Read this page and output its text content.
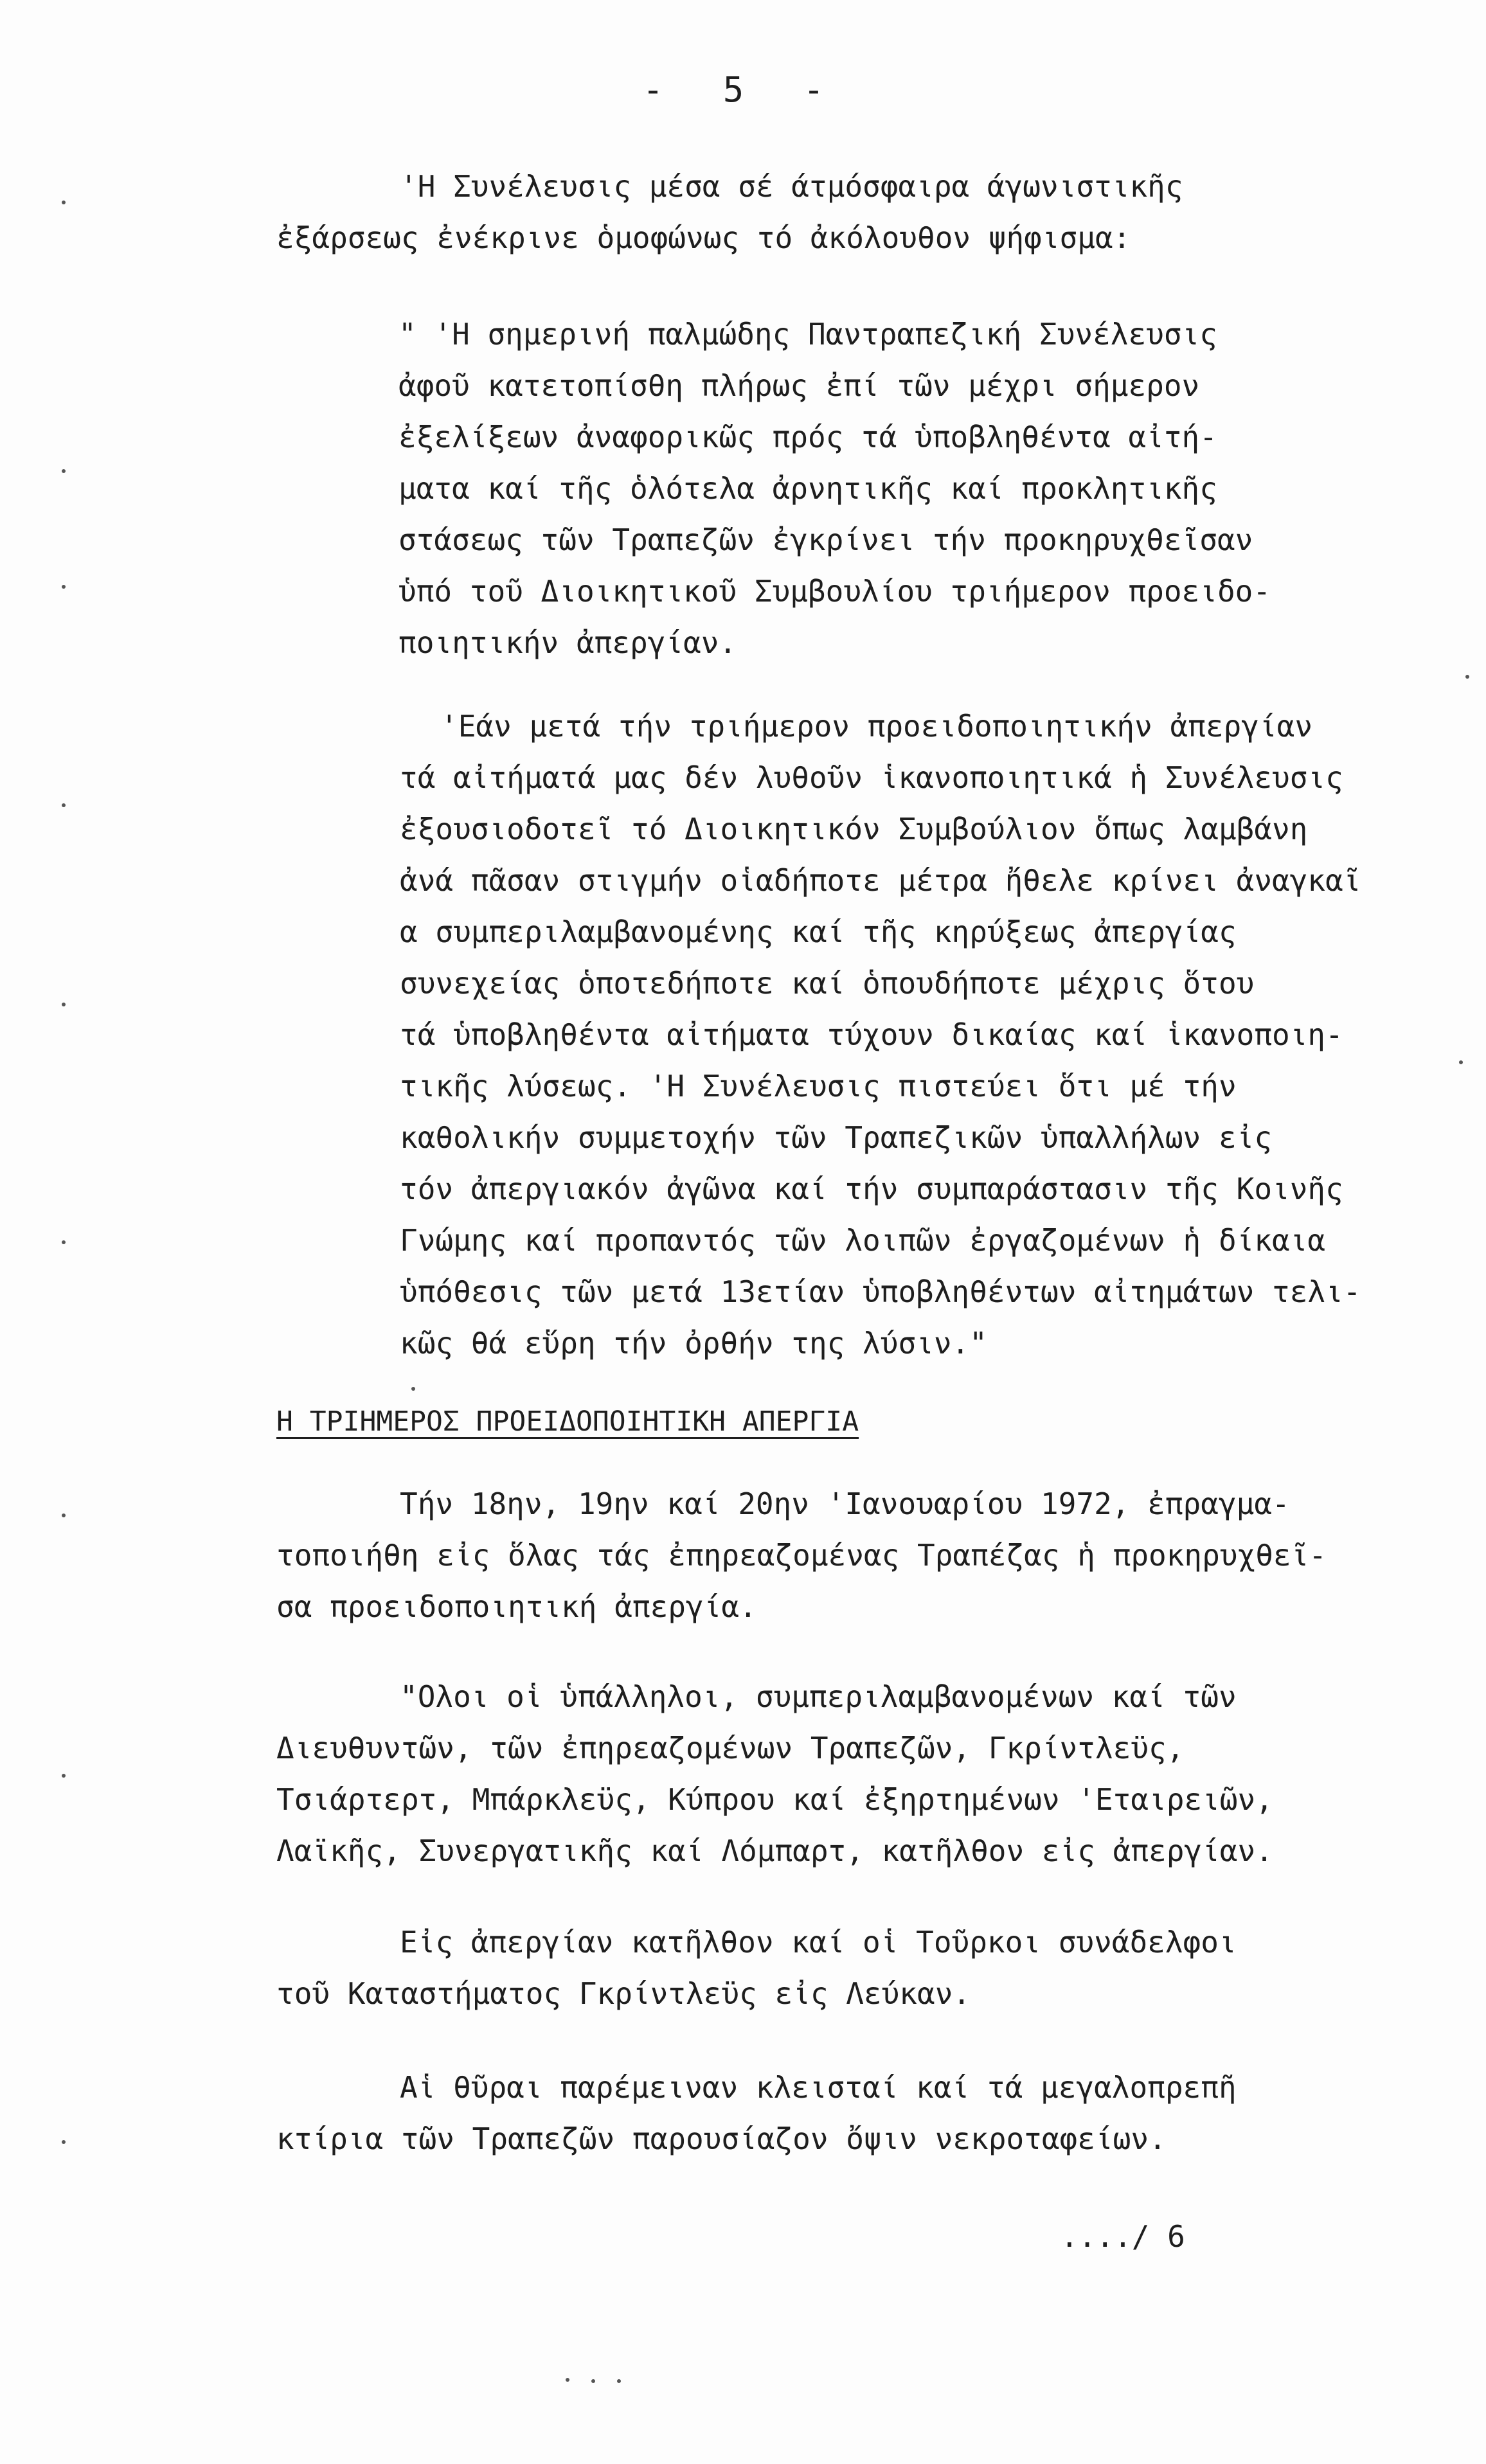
- 5 -
'Η Συνέλευσις μέσα σέ άτμόσφαιρα άγωνιστικῆς
ἐξάρσεως ἐνέκρινε ὁμοφώνως τό ἀκόλουθον ψήφισμα:
" 'Η σημερινή παλμώδης Παντραπεζική Συνέλευσις
ἀφοῦ κατετοπίσθη πλήρως ἐπί τῶν μέχρι σήμερον
ἐξελίξεων ἀναφορικῶς πρός τά ὑποβληθέντα αἰτή-
ματα καί τῆς ὁλότελα ἀρνητικῆς καί προκλητικῆς
στάσεως τῶν Τραπεζῶν ἐγκρίνει τήν προκηρυχθεῖσαν
ὑπό τοῦ Διοικητικοῦ Συμβουλίου τριήμερον προειδο-
ποιητικήν ἀπεργίαν.
'Εάν μετά τήν τριήμερον προειδοποιητικήν ἀπεργίαν
τά αἰτήματά μας δέν λυθοῦν ἱκανοποιητικά ἡ Συνέλευσις
ἐξουσιοδοτεῖ τό Διοικητικόν Συμβούλιον ὅπως λαμβάνη
ἀνά πᾶσαν στιγμήν οἱαδήποτε μέτρα ἤθελε κρίνει ἀναγκαῖ
α συμπεριλαμβανομένης καί τῆς κηρύξεως ἀπεργίας
συνεχείας ὁποτεδήποτε καί ὁπουδήποτε μέχρις ὅτου
τά ὑποβληθέντα αἰτήματα τύχουν δικαίας καί ἱκανοποιη-
τικῆς λύσεως. 'Η Συνέλευσις πιστεύει ὅτι μέ τήν
καθολικήν συμμετοχήν τῶν Τραπεζικῶν ὑπαλλήλων εἰς
τόν ἀπεργιακόν ἀγῶνα καί τήν συμπαράστασιν τῆς Κοινῆς
Γνώμης καί προπαντός τῶν λοιπῶν ἐργαζομένων ἡ δίκαια
ὑπόθεσις τῶν μετά 13ετίαν ὑποβληθέντων αἰτημάτων τελι-
κῶς θά εὕρη τήν ὀρθήν της λύσιν."
Η ΤΡΙΗΜΕΡΟΣ ΠΡΟΕΙΔΟΠΟΙΗΤΙΚΗ ΑΠΕΡΓΙΑ
Τήν 18ην, 19ην καί 20ην 'Ιανουαρίου 1972, ἐπραγμα-
τοποιήθη εἰς ὅλας τάς ἐπηρεαζομένας Τραπέζας ἡ προκηρυχθεῖ-
σα προειδοποιητική ἀπεργία.
"Ολοι οἱ ὑπάλληλοι, συμπεριλαμβανομένων καί τῶν
Διευθυντῶν, τῶν ἐπηρεαζομένων Τραπεζῶν, Γκρίντλεϋς,
Τσιάρτερτ, Μπάρκλεϋς, Κύπρου καί ἐξηρτημένων 'Εταιρειῶν,
Λαϊκῆς, Συνεργατικῆς καί Λόμπαρτ, κατῆλθον εἰς ἀπεργίαν.
Εἰς ἀπεργίαν κατῆλθον καί οἱ Τοῦρκοι συνάδελφοι
τοῦ Καταστήματος Γκρίντλεϋς εἰς Λεύκαν.
Αἱ θῦραι παρέμειναν κλεισταί καί τά μεγαλοπρεπῆ
κτίρια τῶν Τραπεζῶν παρουσίαζον ὄψιν νεκροταφείων.
..../ 6
